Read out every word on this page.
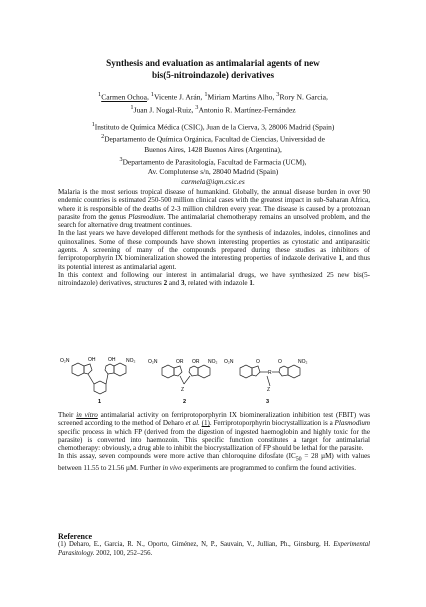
Synthesis and evaluation as antimalarial agents of new
bis(5-nitroindazole) derivatives
$^1$Carmen Ochoa, $^1$Vicente J. Arán, $^1$Miriam Martins Alho, $^3$Rory N. Garcia,
$^1$Juan J. Nogal-Ruiz, $^3$Antonio R. Martínez-Fernández
$^1$Instituto de Química Médica (CSIC), Juan de la Cierva, 3, 28006 Madrid (Spain)
$^2$Departamento de Química Orgánica, Facultad de Ciencias, Universidad de
Buenos Aires, 1428 Buenos Aires (Argentina),
$^3$Departamento de Parasitología, Facultad de Farmacia (UCM),
Av. Complutense s/n, 28040 Madrid (Spain)
carmela@iqm.csic.es

Malaria is the most serious tropical disease of humankind. Globally, the annual disease burden in over 90 endemic countries is estimated 250-500 million clinical cases with the greatest impact in sub-Saharan Africa, where it is responsible of the deaths of 2-3 million children every year. The disease is caused by a protozoan parasite from the genus Plasmodium. The antimalarial chemotherapy remains an unsolved problem, and the search for alternative drug treatment continues.

In the last years we have developed different methods for the synthesis of indazoles, indoles, cinnolines and quinoxalines. Some of these compounds have shown interesting properties as cytostatic and antiparasitic agents. A screening of many of the compounds prepared during these studies as inhibitors of ferriprotoporphyrin IX biomineralization showed the interesting properties of indazole derivative 1, and thus its potential interest as antimalarial agent.

In this context and following our interest in antimalarial drugs, we have synthesized 25 new bis(5-nitroindazole) derivatives, structures 2 and 3, related with indazole 1.

O₂N	OH	OH NO₂
1
O₂N	OR OR NO₂
Z
2
O₂N	O	O	NO₂
R
Z
3

Their in vitro antimalarial activity on ferriprotoporphyrin IX biomineralization inhibition test (FBIT) was screened according to the method of Deharo et al. (1). Ferriprotoporphyrin biocrystallization is a Plasmodium specific process in which FP (derived from the digestion of ingested haemoglobin and highly toxic for the parasite) is converted into haemozoin. This specific function constitutes a target for antimalarial chemotherapy: obviously, a drug able to inhibit the biocrystallization of FP should be lethal for the parasite.

In this assay, seven compounds were more active than chloroquine difosfate ($IC_{50} = 28$ µM) with values between 11.55 to 21.56 µM. Further in vivo experiments are programmed to confirm the found activities.

Reference
(1) Deharo, E., Garcia, R. N., Oporto, Giménez, N, P., Sauvain, V., Jullian, Ph., Ginsburg, H. Experimental Parasitology. 2002, 100, 252–256.
